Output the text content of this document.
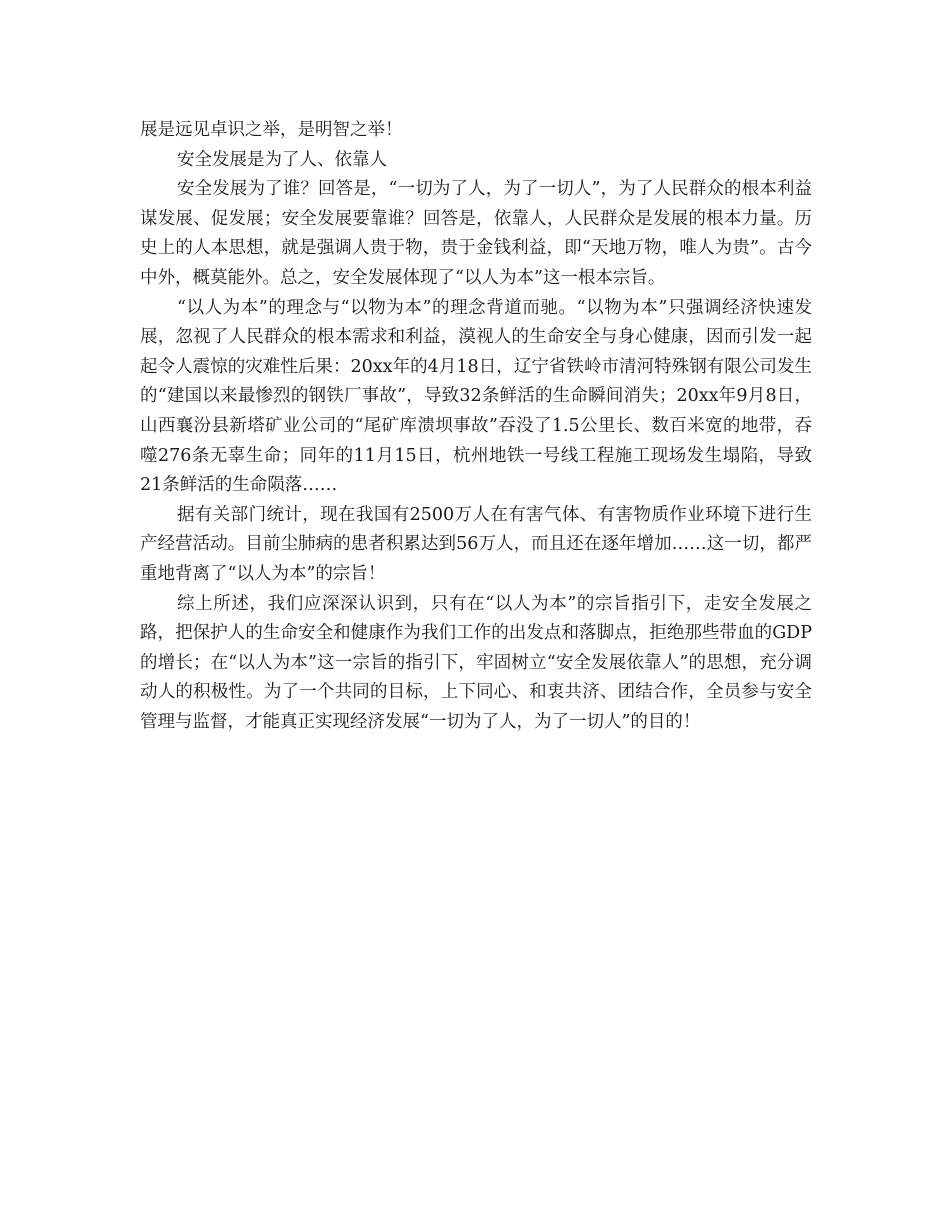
展是远见卓识之举，是明智之举！

安全发展是为了人、依靠人

安全发展为了谁？回答是，“一切为了人，为了一切人”，为了人民群众的根本利益谋发展、促发展；安全发展要靠谁？回答是，依靠人，人民群众是发展的根本力量。历史上的人本思想，就是强调人贵于物，贵于金钱利益，即“天地万物，唯人为贵”。古今中外，概莫能外。总之，安全发展体现了“以人为本”这一根本宗旨。

“以人为本”的理念与“以物为本”的理念背道而驰。“以物为本”只强调经济快速发展，忽视了人民群众的根本需求和利益，漠视人的生命安全与身心健康，因而引发一起起令人震惊的灾难性后果：20xx年的4月18日，辽宁省铁岭市清河特殊钢有限公司发生的“建国以来最惨烈的钢铁厂事故”，导致32条鲜活的生命瞬间消失；20xx年9月8日，山西襄汾县新塔矿业公司的“尾矿库溃坝事故”吞没了1.5公里长、数百米宽的地带，吞噬276条无辜生命；同年的11月15日，杭州地铁一号线工程施工现场发生塌陷，导致21条鲜活的生命陨落……

据有关部门统计，现在我国有2500万人在有害气体、有害物质作业环境下进行生产经营活动。目前尘肺病的患者积累达到56万人，而且还在逐年增加……这一切，都严重地背离了“以人为本”的宗旨！

综上所述，我们应深深认识到，只有在“以人为本”的宗旨指引下，走安全发展之路，把保护人的生命安全和健康作为我们工作的出发点和落脚点，拒绝那些带血的GDP的增长；在“以人为本”这一宗旨的指引下，牢固树立“安全发展依靠人”的思想，充分调动人的积极性。为了一个共同的目标，上下同心、和衷共济、团结合作，全员参与安全管理与监督，才能真正实现经济发展“一切为了人，为了一切人”的目的！
